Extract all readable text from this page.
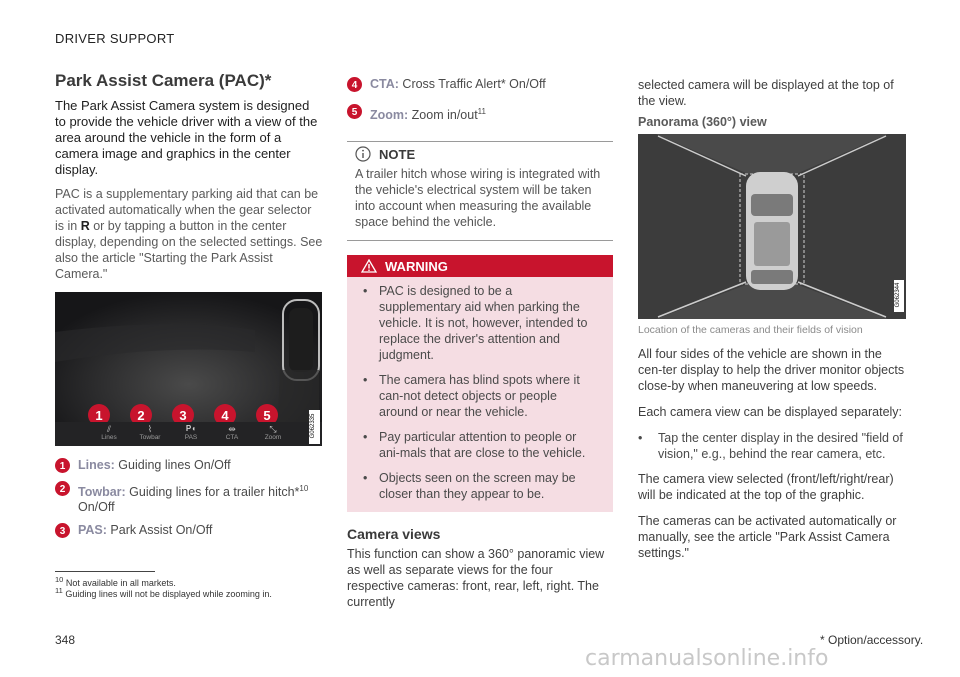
DRIVER SUPPORT
Park Assist Camera (PAC)*

The Park Assist Camera system is designed to provide the vehicle driver with a view of the area around the vehicle in the form of a camera image and graphics in the center display.

PAC is a supplementary parking aid that can be activated automatically when the gear selector is in R or by tapping a button in the center display, depending on the selected settings. See also the article "Starting the Park Assist Camera."

1	2	3	4	5
⫽
Lines
⌇
Towbar
P◖
PAS
⇹
CTA
⤡
Zoom	G062335
1 Lines: Guiding lines On/Off
2 Towbar: Guiding lines for a trailer hitch*$^{10}$
On/Off
3 PAS: Park Assist On/Off
4 CTA: Cross Traffic Alert* On/Off
5 Zoom: Zoom in/out$^{11}$
NOTE
A trailer hitch whose wiring is integrated with the vehicle's electrical system will be taken into account when measuring the available space behind the vehicle.
WARNING
• PAC is designed to be a supplementary aid when parking the vehicle. It is not, however, intended to replace the driver's attention and judgment.
• The camera has blind spots where it can-not detect objects or people around or near the vehicle.
• Pay particular attention to people or ani-mals that are close to the vehicle.
• Objects seen on the screen may be closer than they appear to be.
Camera views

This function can show a 360° panoramic view as well as separate views for the four respective cameras: front, rear, left, right. The currently

selected camera will be displayed at the top of the view.

Panorama (360°) view
G062344
Location of the cameras and their fields of vision

All four sides of the vehicle are shown in the cen-ter display to help the driver monitor objects close-by when maneuvering at low speeds.

Each camera view can be displayed separately:

•	Tap the center display in the desired "field of vision," e.g., behind the rear camera, etc.

The camera view selected (front/left/right/rear) will be indicated at the top of the graphic.

The cameras can be activated automatically or manually, see the article "Park Assist Camera settings."

$^{10}$ Not available in all markets.
$^{11}$ Guiding lines will not be displayed while zooming in.
348	* Option/accessory.
carmanualsonline.info
